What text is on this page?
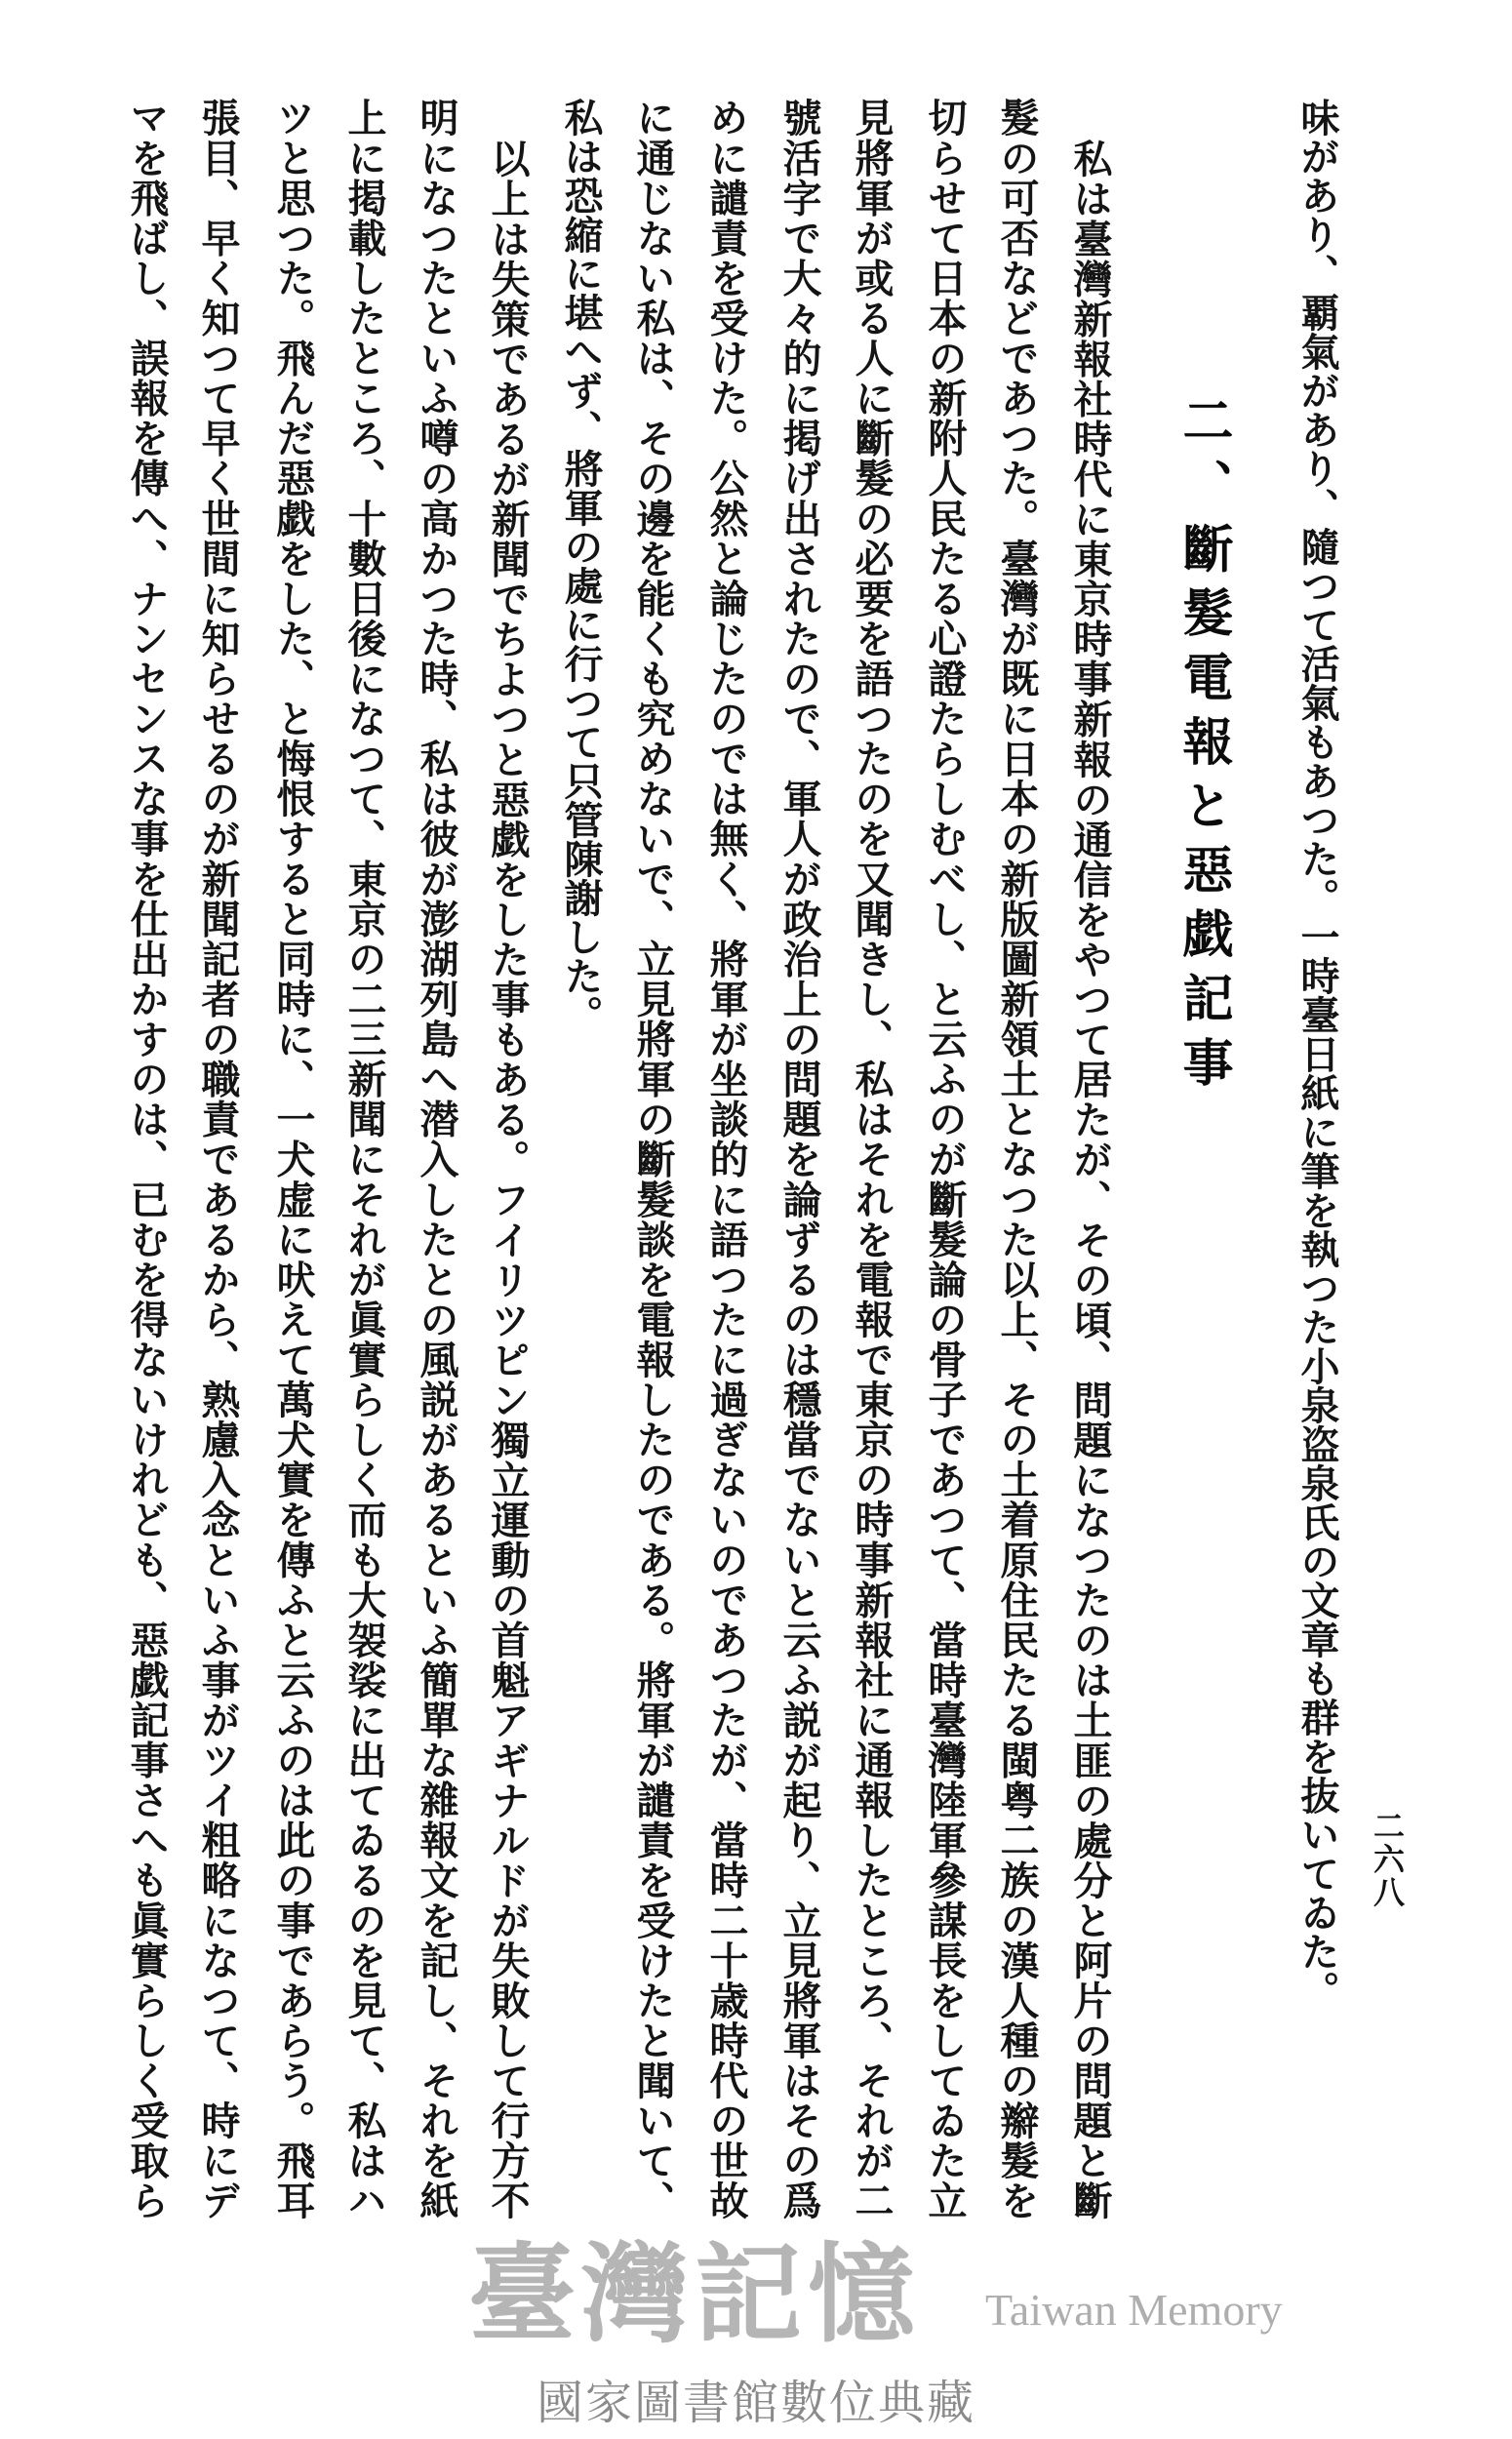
二六八
味があり、覇氣があり、隨つて活氣もあつた。一時臺日紙に筆を執つた小泉盗泉氏の文章も群を抜いてゐた。
二、斷髮電報と惡戯記事
私は臺灣新報社時代に東京時事新報の通信をやつて居たが、その頃、問題になつたのは土匪の處分と阿片の問題と斷
髮の可否などであつた。臺灣が既に日本の新版圖新領土となつた以上、その土着原住民たる閩粤二族の漢人種の辮髮を
切らせて日本の新附人民たる心證たらしむべし、と云ふのが斷髮論の骨子であつて、當時臺灣陸軍參謀長をしてゐた立
見將軍が或る人に斷髮の必要を語つたのを又聞きし、私はそれを電報で東京の時事新報社に通報したところ、それが二
號活字で大々的に掲げ出されたので、軍人が政治上の問題を論ずるのは穩當でないと云ふ説が起り、立見將軍はその爲
めに譴責を受けた。公然と論じたのでは無く、將軍が坐談的に語つたに過ぎないのであつたが、當時二十歳時代の世故
に通じない私は、その邊を能くも究めないで、立見將軍の斷髮談を電報したのである。將軍が譴責を受けたと聞いて、
私は恐縮に堪へず、將軍の處に行つて只管陳謝した。
以上は失策であるが新聞でちよつと惡戯をした事もある。フイリツピン獨立運動の首魁アギナルドが失敗して行方不
明になつたといふ噂の高かつた時、私は彼が澎湖列島へ潜入したとの風説があるといふ簡單な雜報文を記し、それを紙
上に掲載したところ、十數日後になつて、東京の二三新聞にそれが眞實らしく而も大袈裟に出てゐるのを見て、私はハ
ツと思つた。飛んだ惡戯をした、と悔恨すると同時に、一犬虚に吠えて萬犬實を傳ふと云ふのは此の事であらう。飛耳
張目、早く知つて早く世間に知らせるのが新聞記者の職責であるから、熟慮入念といふ事がツイ粗略になつて、時にデ
マを飛ばし、誤報を傳へ、ナンセンスな事を仕出かすのは、已むを得ないけれども、惡戯記事さへも眞實らしく受取ら
臺灣記憶 Taiwan Memory
國家圖書館數位典藏
